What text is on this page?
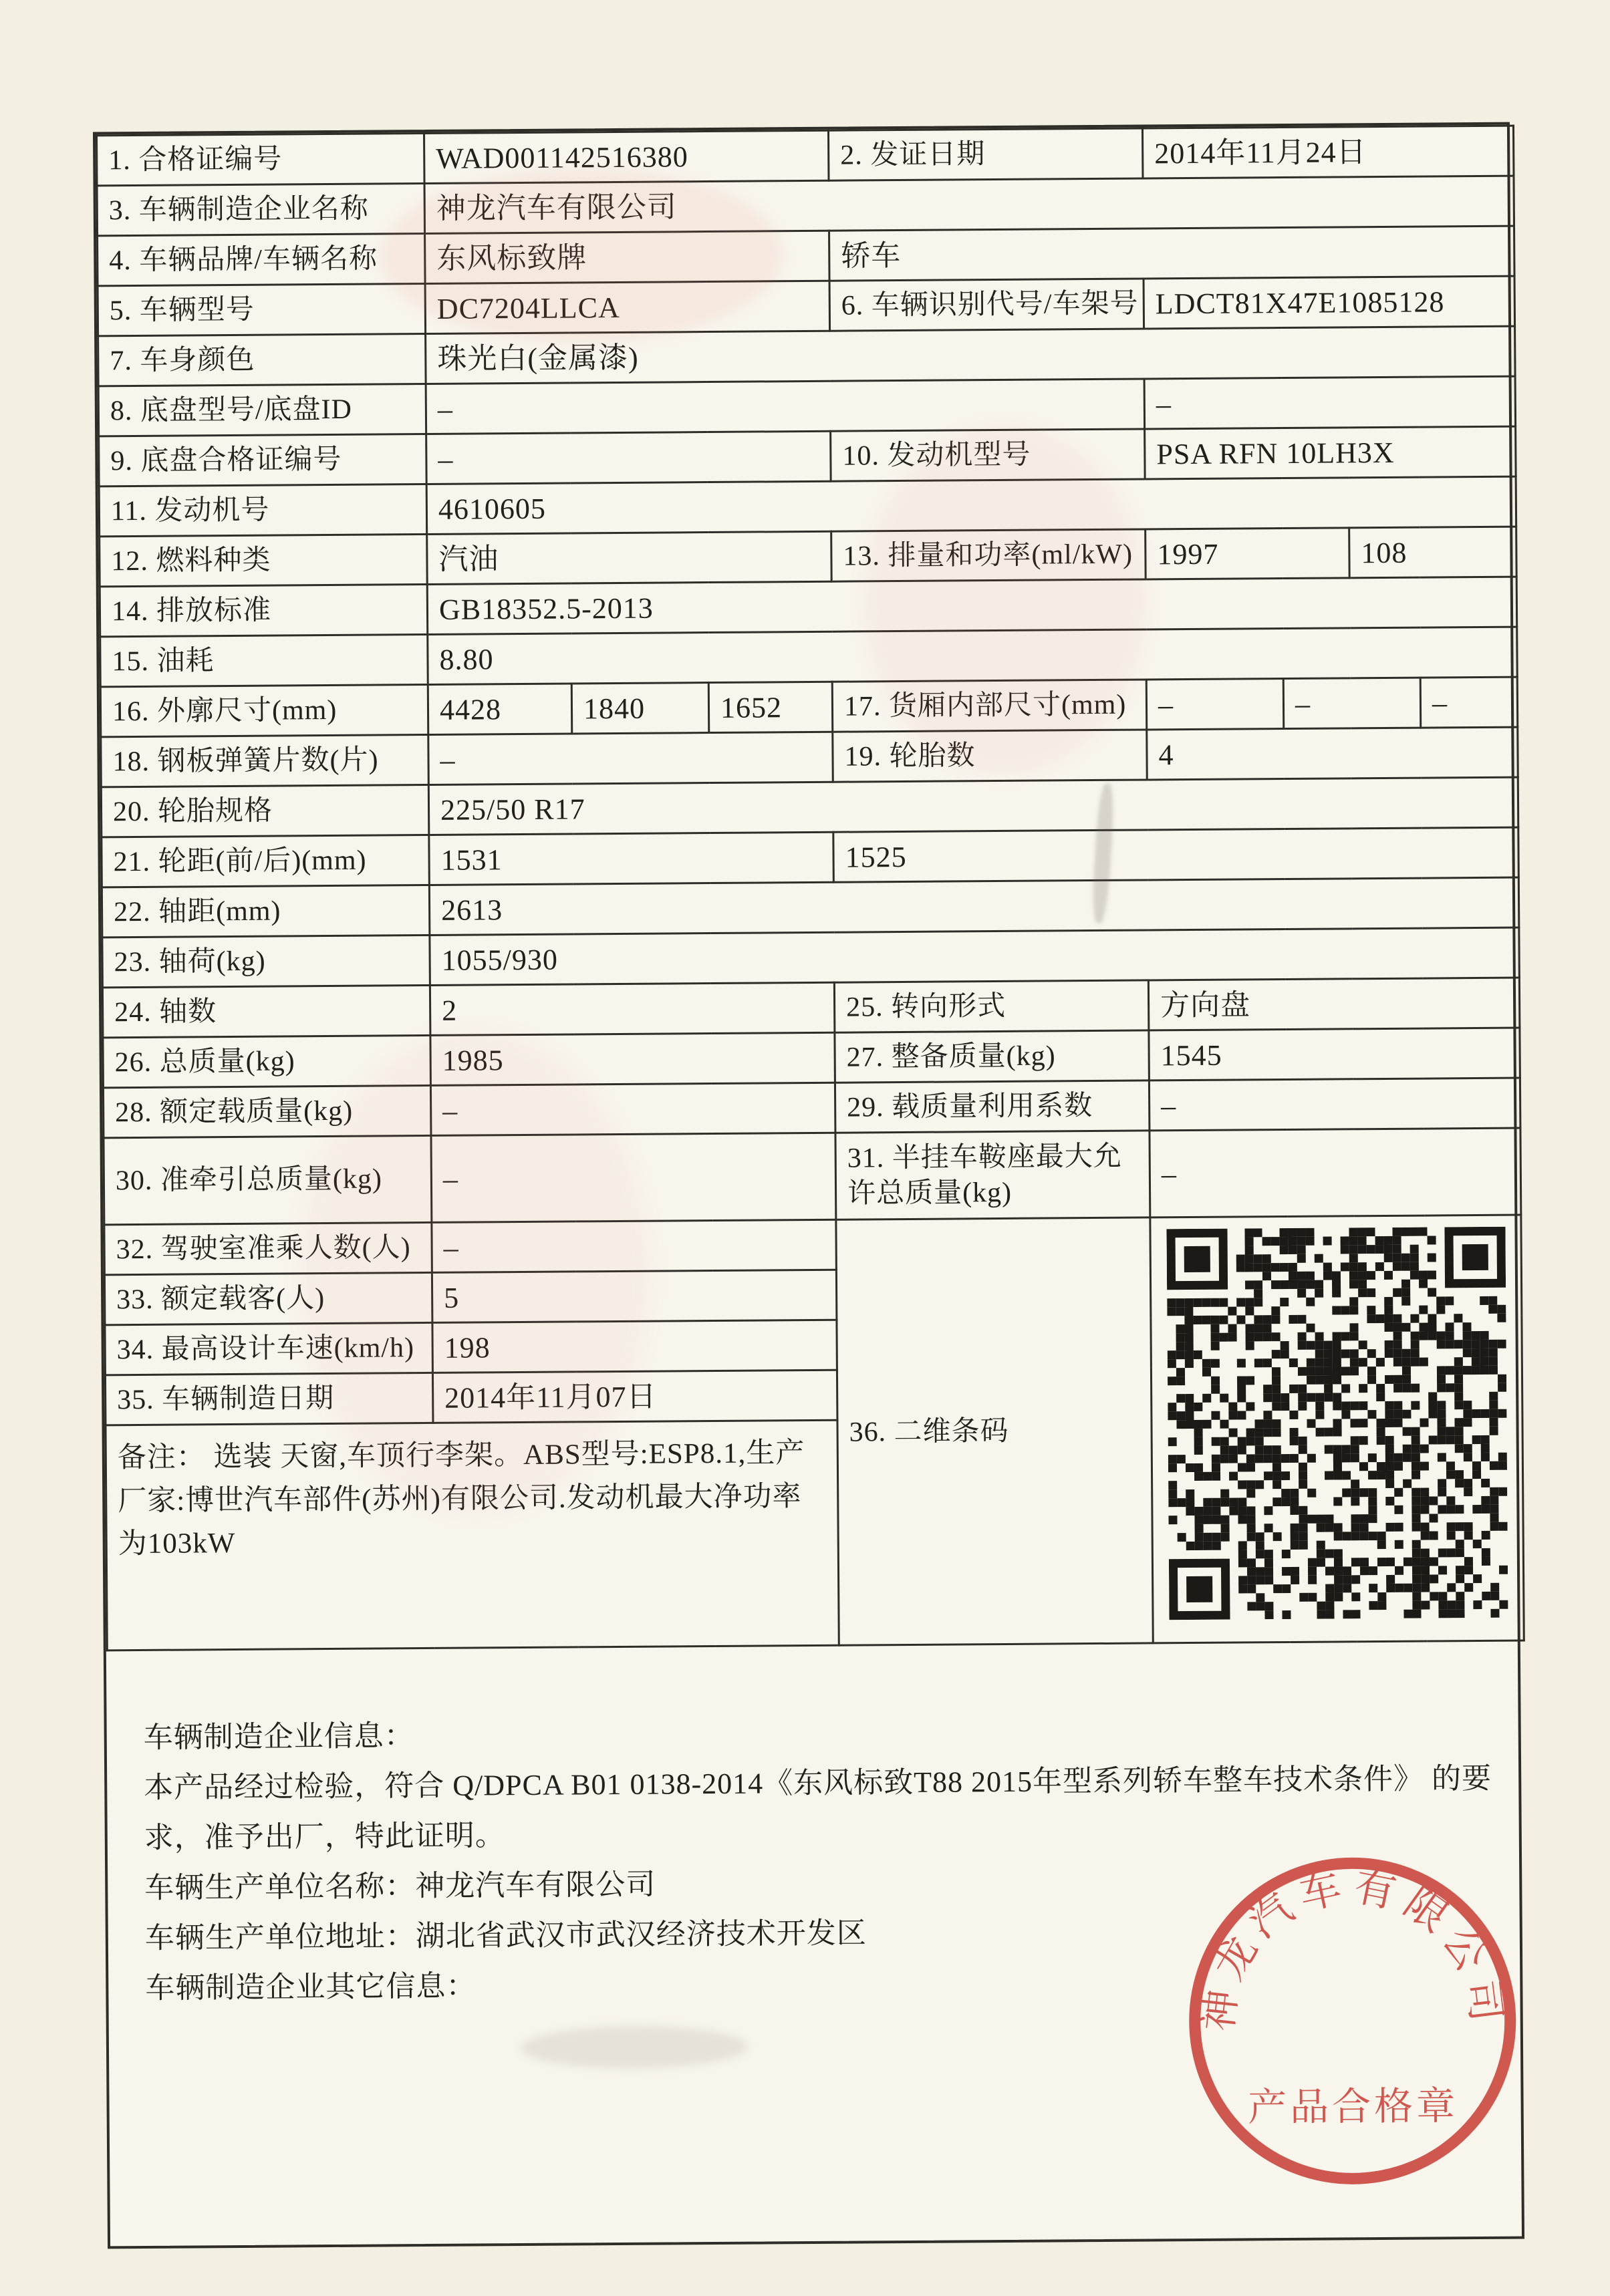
1. 合格证编号	WAD001142516380			2. 发证日期	2014年11月24日			
3. 车辆制造企业名称	神龙汽车有限公司							
4. 车辆品牌/车辆名称	东风标致牌			轿车				
5. 车辆型号	DC7204LLCA			6. 车辆识别代号/车架号	LDCT81X47E1085128			
7. 车身颜色	珠光白(金属漆)							
8. 底盘型号/底盘ID	–				–			
9. 底盘合格证编号	–			10. 发动机型号	PSA RFN 10LH3X			
11. 发动机号	4610605							
12. 燃料种类	汽油			13. 排量和功率(ml/kW)	1997		108	
14. 排放标准	GB18352.5-2013							
15. 油耗	8.80							
16. 外廓尺寸(mm)	4428	1840	1652	17. 货厢内部尺寸(mm)	–	–		–
18. 钢板弹簧片数(片)	–			19. 轮胎数	4			
20. 轮胎规格	225/50 R17							
21. 轮距(前/后)(mm)	1531			1525				
22. 轴距(mm)	2613							
23. 轴荷(kg)	1055/930							
24. 轴数	2			25. 转向形式	方向盘			
26. 总质量(kg)	1985			27. 整备质量(kg)	1545			
28. 额定载质量(kg)	–			29. 载质量利用系数	–			
30. 准牵引总质量(kg)	–			31. 半挂车鞍座最大允许总质量(kg)	–			
32. 驾驶室准乘人数(人)	–			36. 二维条码	

33. 额定载客(人)	5							
34. 最高设计车速(km/h)	198							
35. 车辆制造日期	2014年11月07日							
备注： 选装 天窗,车顶行李架。ABS型号:ESP8.1,生产厂家:博世汽车部件(苏州)有限公司.发动机最大净功率为103kW								
车辆制造企业信息：
本产品经过检验，符合 Q/DPCA B01 0138-2014《东风标致T88 2015年型系列轿车整车技术条件》 的要求，准予出厂，特此证明。
车辆生产单位名称：神龙汽车有限公司
车辆生产单位地址：湖北省武汉市武汉经济技术开发区
车辆制造企业其它信息：	神龙汽车有限公司
产品合格章
